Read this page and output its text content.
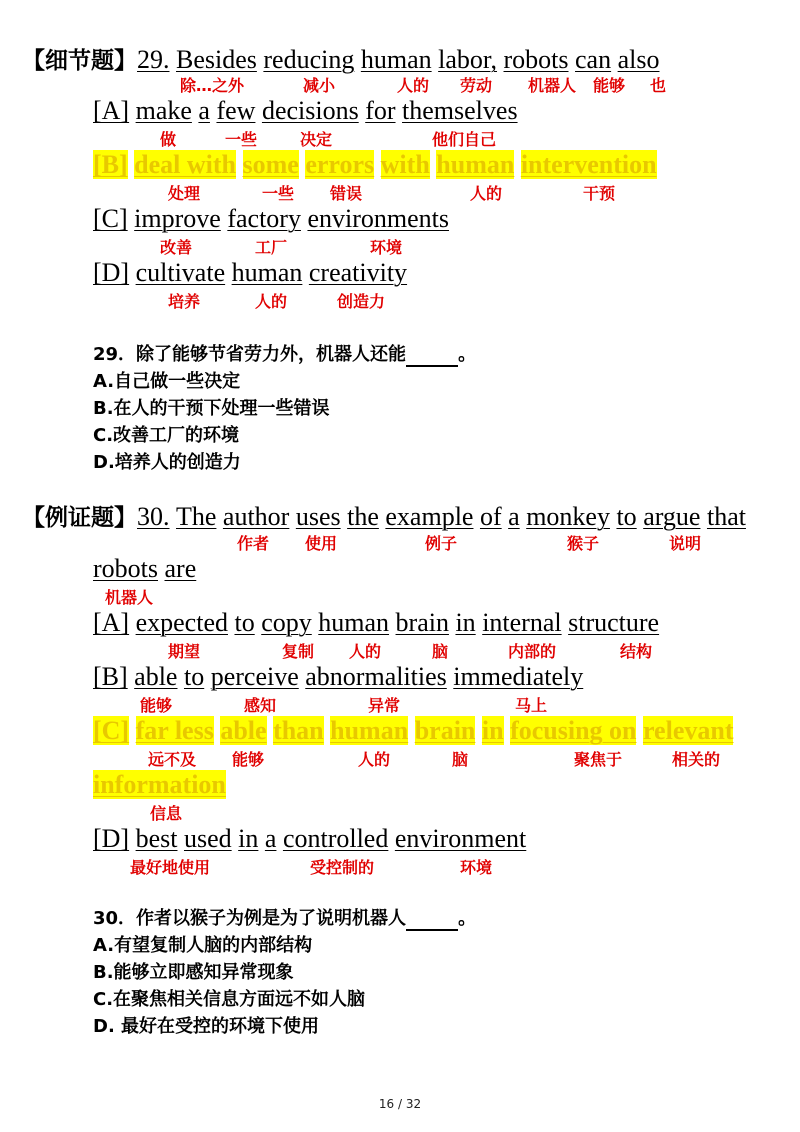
【细节题】29. Besides reducing human labor, robots can also
除…之外	减小	人的 劳动 机器人 能够 也
[A] make a few decisions for themselves
做	一些	决定	他们自己
[B] deal with some errors with human intervention
处理	一些 错误	人的	干预
[C] improve factory environments
改善	工厂	环境
[D] cultivate human creativity
培养	人的	创造力
29．除了能够节省劳力外，机器人还能	。
A.自己做一些决定
B.在人的干预下处理一些错误
C.改善工厂的环境
D.培养人的创造力
【例证题】30. The author uses the example of a monkey to argue that
作者 使用	例子	猴子	说明
robots are
机器人
[A] expected to copy human brain in internal structure
期望	复制 人的	脑	内部的	结构
[B] able to perceive abnormalities immediately
能够	感知	异常	马上
[C] far less able than human brain in focusing on relevant
远不及 能够	人的	脑	聚焦于	相关的
information
信息
[D] best used in a controlled environment
最好地使用	受控制的	环境
30．作者以猴子为例是为了说明机器人	。
A.有望复制人脑的内部结构
B.能够立即感知异常现象
C.在聚焦相关信息方面远不如人脑
D. 最好在受控的环境下使用
16 / 32
